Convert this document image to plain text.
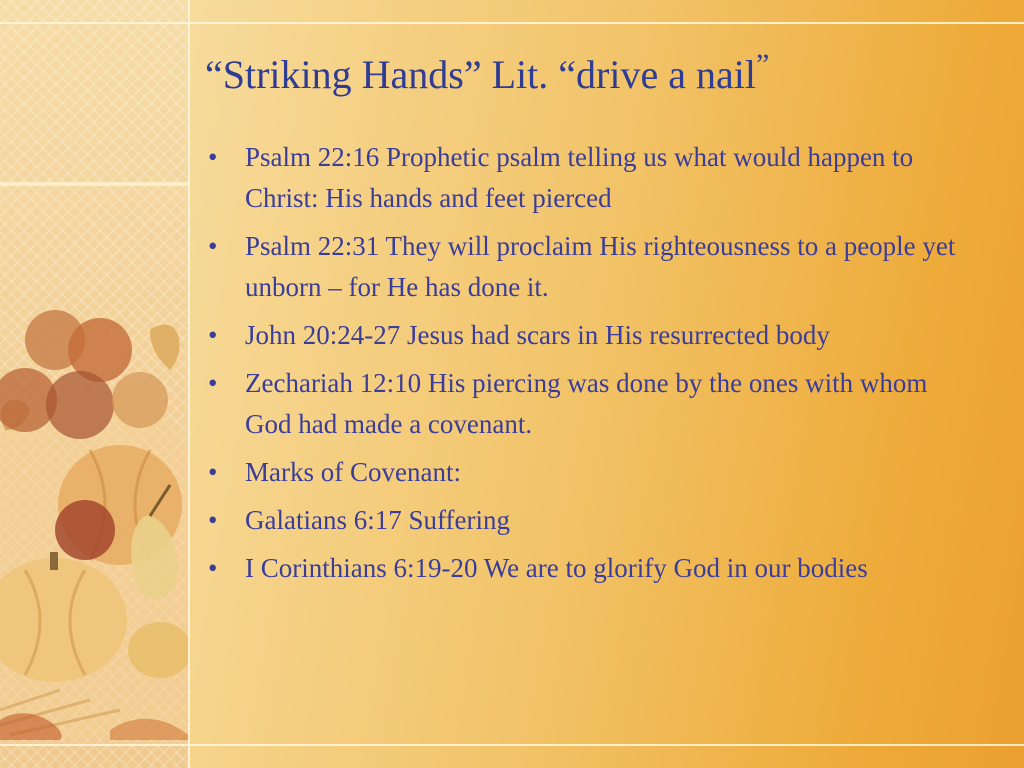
“Striking Hands” Lit. “drive a nail”
• Psalm 22:16 Prophetic psalm telling us what would happen to Christ: His hands and feet pierced
• Psalm 22:31 They will proclaim His righteousness to a people yet unborn – for He has done it.
• John 20:24-27 Jesus had scars in His resurrected body
• Zechariah 12:10 His piercing was done by the ones with whom God had made a covenant.
• Marks of Covenant:
• Galatians 6:17 Suffering
• I Corinthians 6:19-20 We are to glorify God in our bodies
